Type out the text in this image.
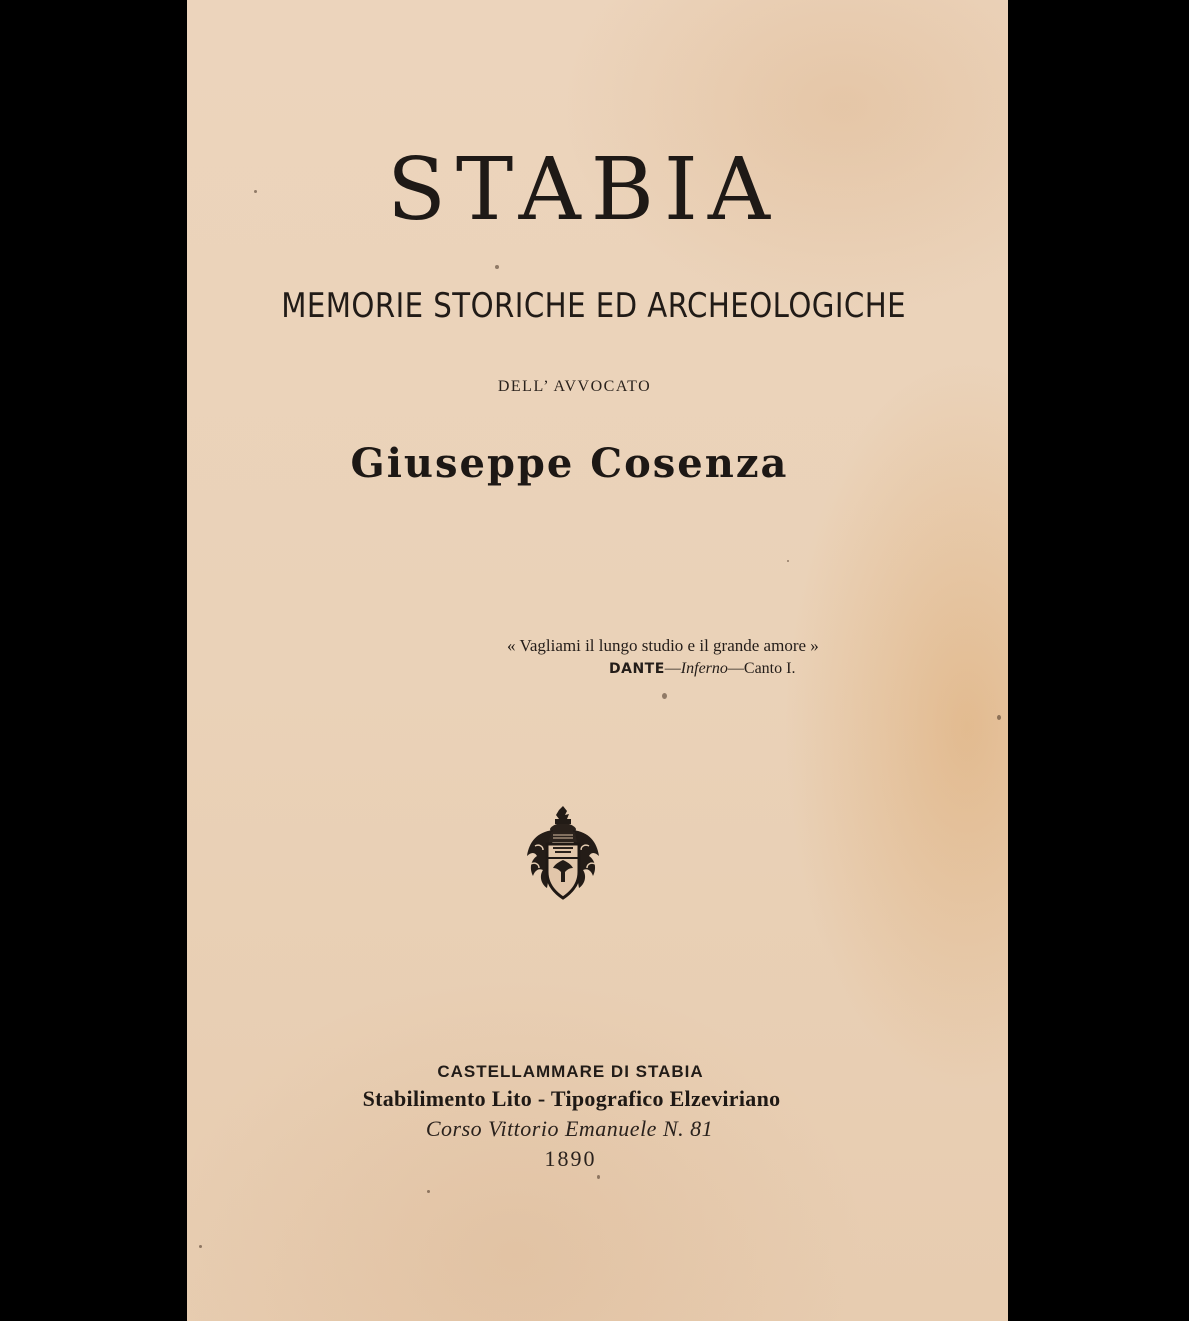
STABIA
MEMORIE STORICHE ED ARCHEOLOGICHE
DELL’ AVVOCATO
Giuseppe Cosenza
« Vagliami il lungo studio e il grande amore »
DANTE—Inferno—Canto I.
CASTELLAMMARE DI STABIA
Stabilimento Lito - Tipografico Elzeviriano
Corso Vittorio Emanuele N. 81
1890
